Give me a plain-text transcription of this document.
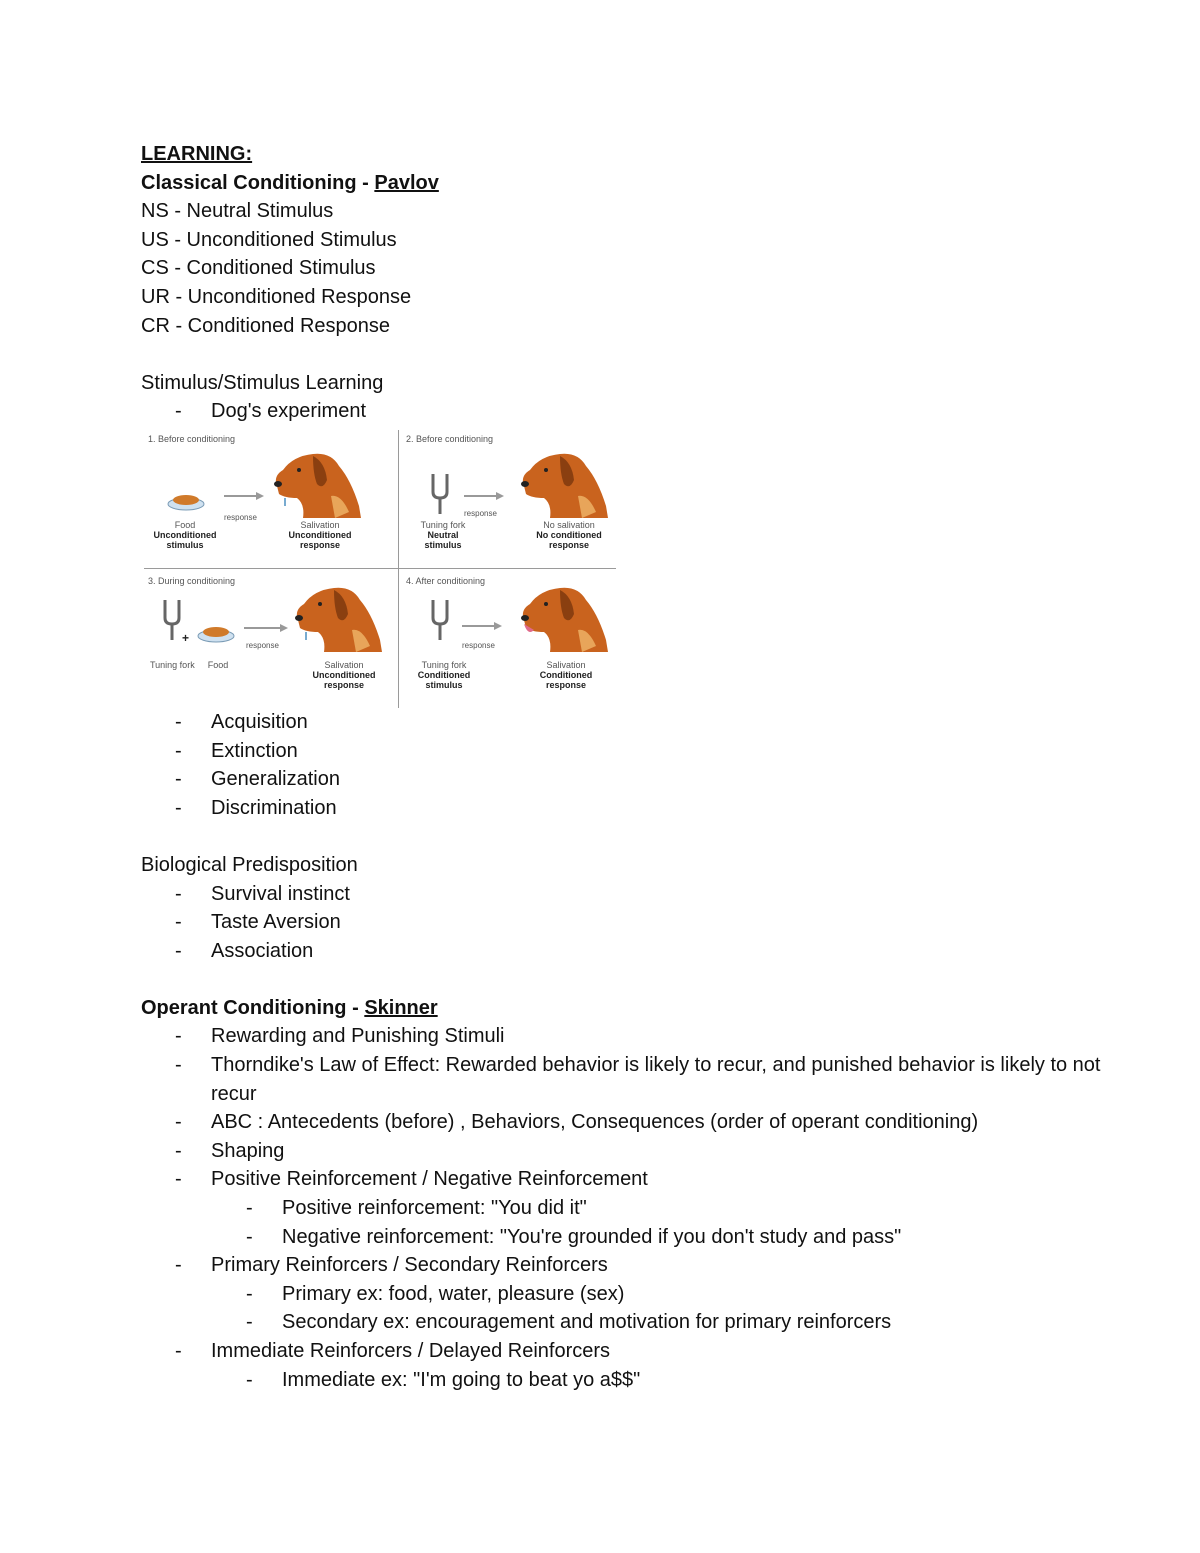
LEARNING:
Classical Conditioning - Pavlov
NS - Neutral Stimulus
US - Unconditioned Stimulus
CS - Conditioned Stimulus
UR - Unconditioned Response
CR - Conditioned Response
Stimulus/Stimulus Learning
- Dog's experiment
1. Before conditioning
response
Food
Unconditioned
stimulus
Salivation
Unconditioned
response
2. Before conditioning
response
Tuning fork
Neutral
stimulus
No salivation
No conditioned
response
3. During conditioning
+
response
Tuning fork	Food	Salivation
Unconditioned
response
4. After conditioning
response
Tuning fork
Conditioned
stimulus
Salivation
Conditioned
response
- Acquisition
- Extinction
- Generalization
- Discrimination
Biological Predisposition
- Survival instinct
- Taste Aversion
- Association
Operant Conditioning - Skinner
- Rewarding and Punishing Stimuli
- Thorndike's Law of Effect: Rewarded behavior is likely to recur, and punished behavior is likely to not recur
- ABC : Antecedents (before) , Behaviors, Consequences (order of operant conditioning)
- Shaping
- Positive Reinforcement / Negative Reinforcement
- Positive reinforcement: "You did it"
- Negative reinforcement: "You're grounded if you don't study and pass"
- Primary Reinforcers / Secondary Reinforcers
- Primary ex: food, water, pleasure (sex)
- Secondary ex: encouragement and motivation for primary reinforcers
- Immediate Reinforcers / Delayed Reinforcers
- Immediate ex: "I'm going to beat yo a$$"
